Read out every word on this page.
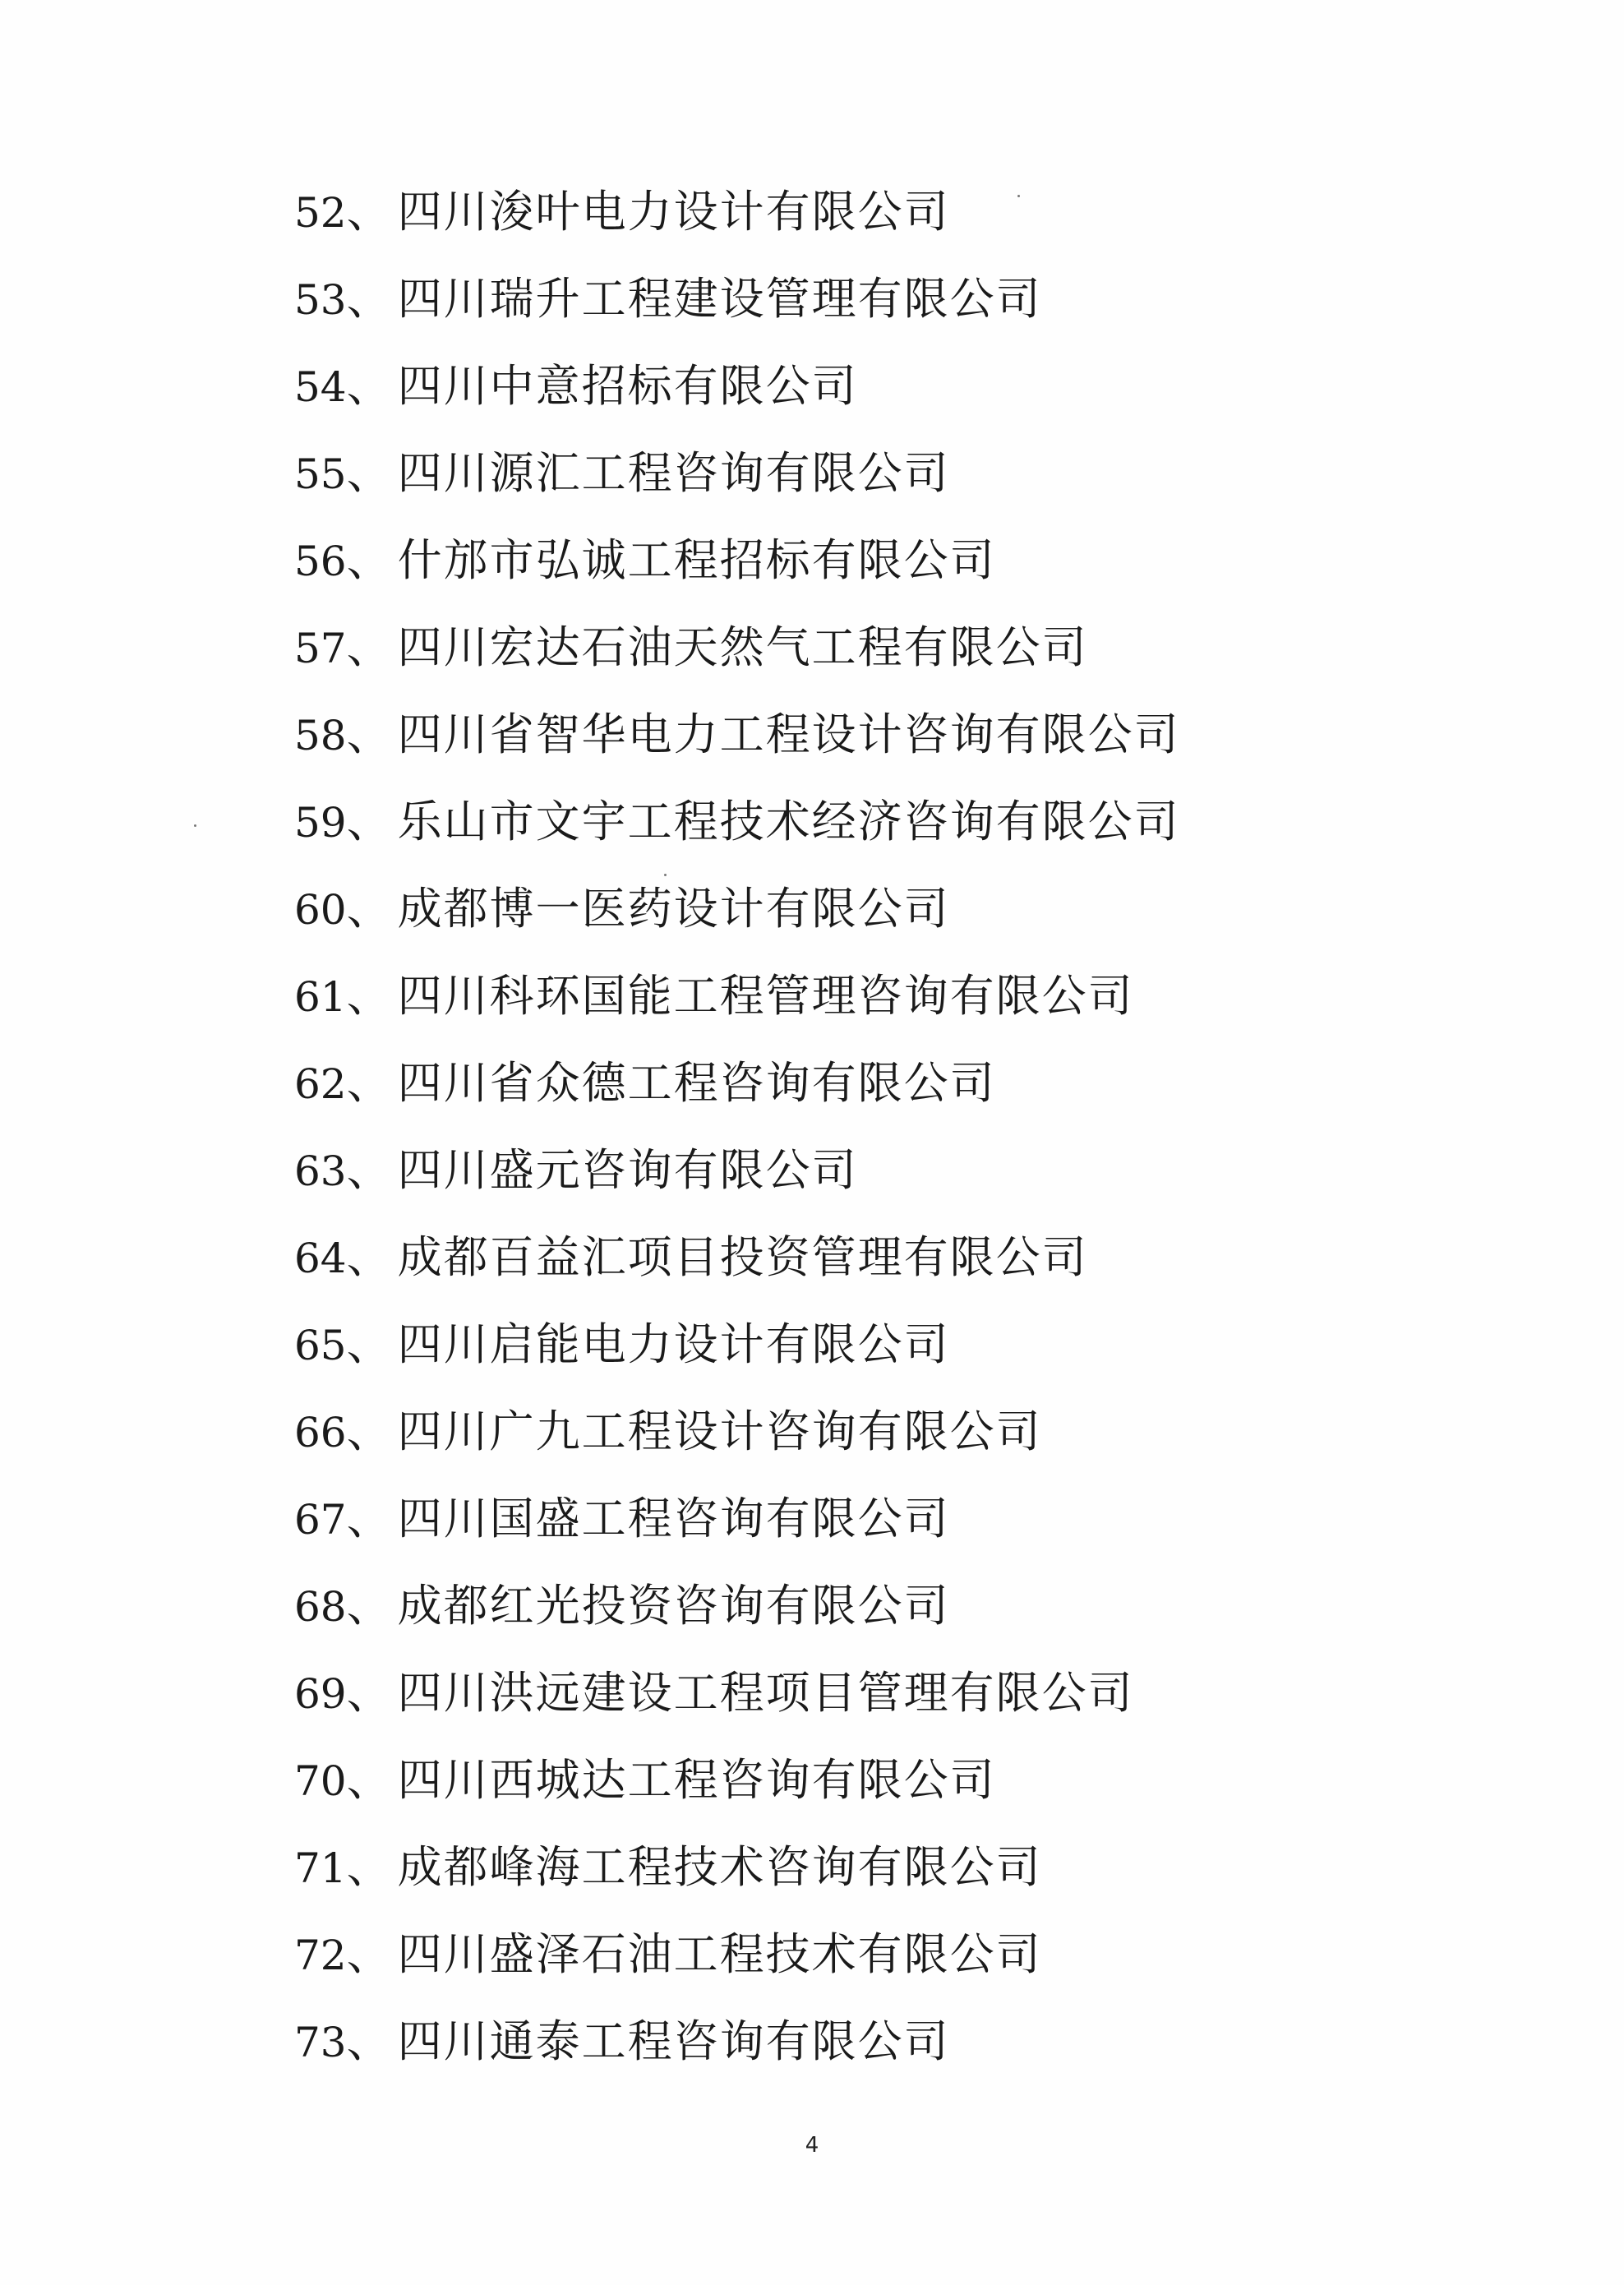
52、 四川浚叶电力设计有限公司
53、 四川瑞升工程建设管理有限公司
54、 四川中意招标有限公司
55、 四川源汇工程咨询有限公司
56、 什邡市弘诚工程招标有限公司
57、 四川宏达石油天然气工程有限公司
58、 四川省智华电力工程设计咨询有限公司
59、 乐山市文宇工程技术经济咨询有限公司
60、 成都博一医药设计有限公司
61、 四川科环国能工程管理咨询有限公司
62、 四川省众德工程咨询有限公司
63、 四川盛元咨询有限公司
64、 成都百益汇项目投资管理有限公司
65、 四川启能电力设计有限公司
66、 四川广九工程设计咨询有限公司
67、 四川国盛工程咨询有限公司
68、 成都红光投资咨询有限公司
69、 四川洪远建设工程项目管理有限公司
70、 四川西城达工程咨询有限公司
71、 成都峰海工程技术咨询有限公司
72、 四川盛泽石油工程技术有限公司
73、 四川通泰工程咨询有限公司
4
